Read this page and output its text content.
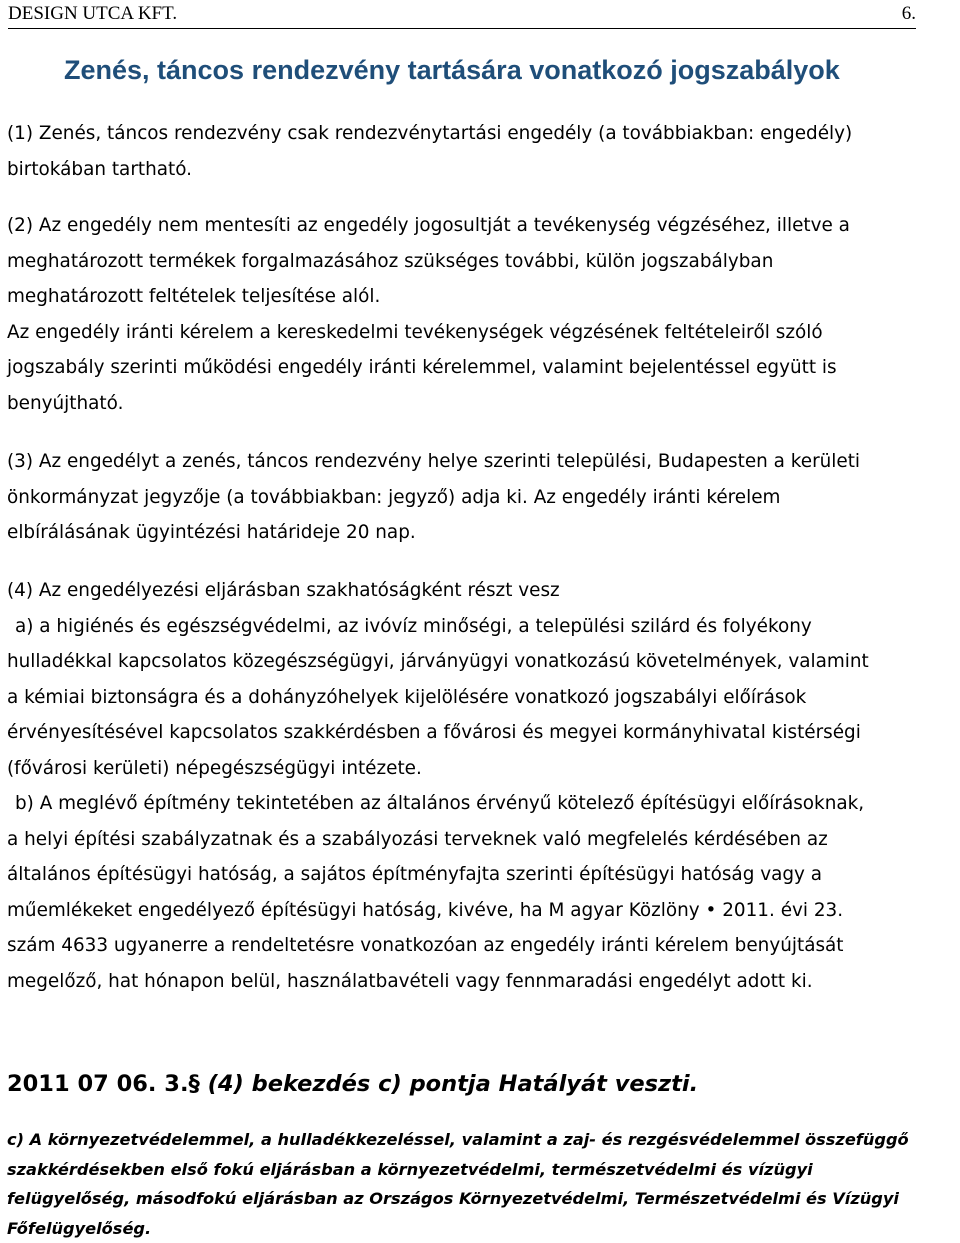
DESIGN UTCA KFT.	6.
Zenés, táncos rendezvény tartására vonatkozó jogszabályok
(1) Zenés, táncos rendezvény csak rendezvénytartási engedély (a továbbiakban: engedély)
birtokában tartható.
(2) Az engedély nem mentesíti az engedély jogosultját a tevékenység végzéséhez, illetve a
meghatározott termékek forgalmazásához szükséges további, külön jogszabályban
meghatározott feltételek teljesítése alól.
Az engedély iránti kérelem a kereskedelmi tevékenységek végzésének feltételeiről szóló
jogszabály szerinti működési engedély iránti kérelemmel, valamint bejelentéssel együtt is
benyújtható.
(3) Az engedélyt a zenés, táncos rendezvény helye szerinti települési, Budapesten a kerületi
önkormányzat jegyzője (a továbbiakban: jegyző) adja ki. Az engedély iránti kérelem
elbírálásának ügyintézési határideje 20 nap.
(4) Az engedélyezési eljárásban szakhatóságként részt vesz
a) a higiénés és egészségvédelmi, az ivóvíz minőségi, a települési szilárd és folyékony
hulladékkal kapcsolatos közegészségügyi, járványügyi vonatkozású követelmények, valamint
a kémiai biztonságra és a dohányzóhelyek kijelölésére vonatkozó jogszabályi előírások
érvényesítésével kapcsolatos szakkérdésben a fővárosi és megyei kormányhivatal kistérségi
(fővárosi kerületi) népegészségügyi intézete.
b) A meglévő építmény tekintetében az általános érvényű kötelező építésügyi előírásoknak,
a helyi építési szabályzatnak és a szabályozási terveknek való megfelelés kérdésében az
általános építésügyi hatóság, a sajátos építményfajta szerinti építésügyi hatóság vagy a
műemlékeket engedélyező építésügyi hatóság, kivéve, ha M agyar Közlöny • 2011. évi 23.
szám 4633 ugyanerre a rendeltetésre vonatkozóan az engedély iránti kérelem benyújtását
megelőző, hat hónapon belül, használatbavételi vagy fennmaradási engedélyt adott ki.
2011 07 06. 3.§ (4) bekezdés c) pontja Hatályát veszti.
c) A környezetvédelemmel, a hulladékkezeléssel, valamint a zaj- és rezgésvédelemmel összefüggő
szakkérdésekben első fokú eljárásban a környezetvédelmi, természetvédelmi és vízügyi
felügyelőség, másodfokú eljárásban az Országos Környezetvédelmi, Természetvédelmi és Vízügyi
Főfelügyelőség.
